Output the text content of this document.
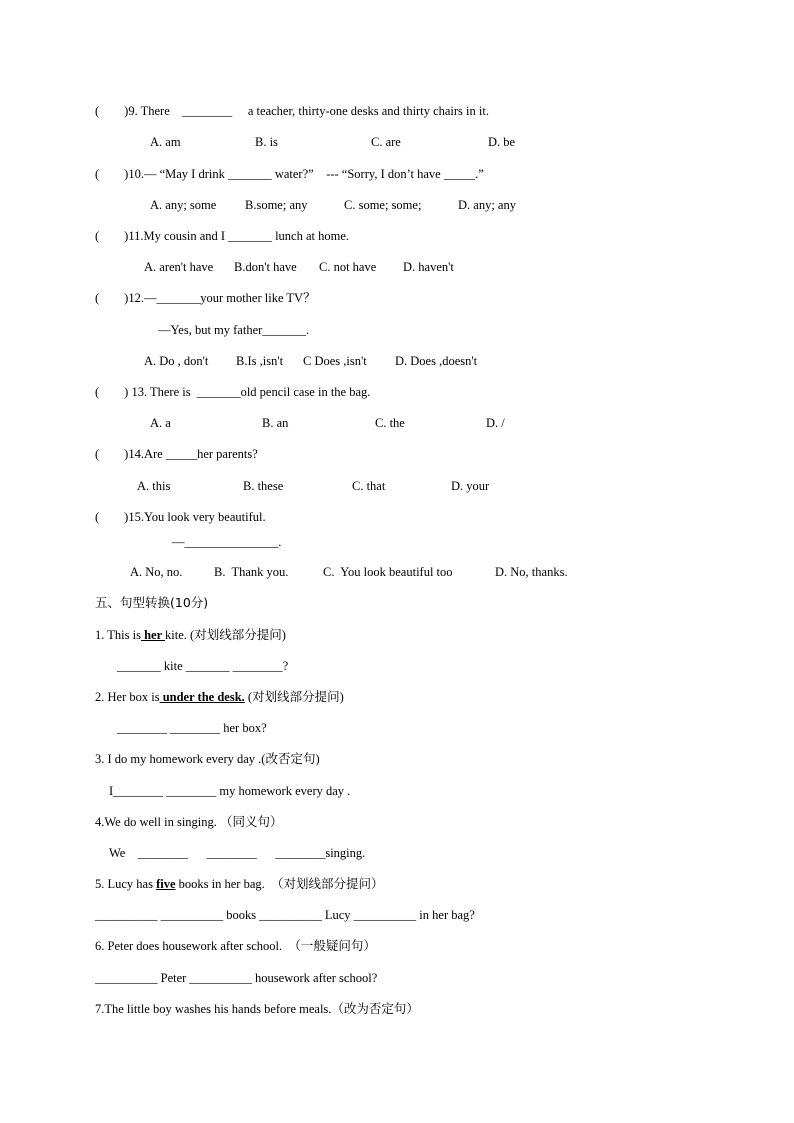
(        )9. There    ________     a teacher, thirty-one desks and thirty chairs in it.
A. am	B. is	C. are	D. be
(        )10.— “May I drink _______ water?”    --- “Sorry, I don’t have _____.”
A. any; some B.some; any	C. some; some;	D. any; any
(        )11.My cousin and I _______ lunch at home.
A. aren't have B.don't have C. not have D. haven't
(        )12.—_______your mother like TV？
—Yes, but my father_______.
A. Do , don't B.Is ,isn't C Does ,isn't D. Does ,doesn't
(        ) 13. There is  _______old pencil case in the bag.
A. a	B. an	C. the	D. /
(        )14.Are _____her parents?
A. this	B. these	C. that	D. your
(        )15.You look very beautiful.
—_______________.
A. No, no.	B.  Thank you.	C.  You look beautiful too	D. No, thanks.
五、句型转换(10分)
1. This is her kite. (对划线部分提问)
_______ kite _______ ________?
2. Her box is under the desk. (对划线部分提问)
________ ________ her box?
3. I do my homework every day .(改否定句)
I________ ________ my homework every day .
4.We do well in singing. （同义句）
We    ________      ________      ________singing.
5. Lucy has five books in her bag.  （对划线部分提问）
__________ __________ books __________ Lucy __________ in her bag?
6. Peter does housework after school.  （一般疑问句）
__________ Peter __________ housework after school?
7.The little boy washes his hands before meals.（改为否定句）
